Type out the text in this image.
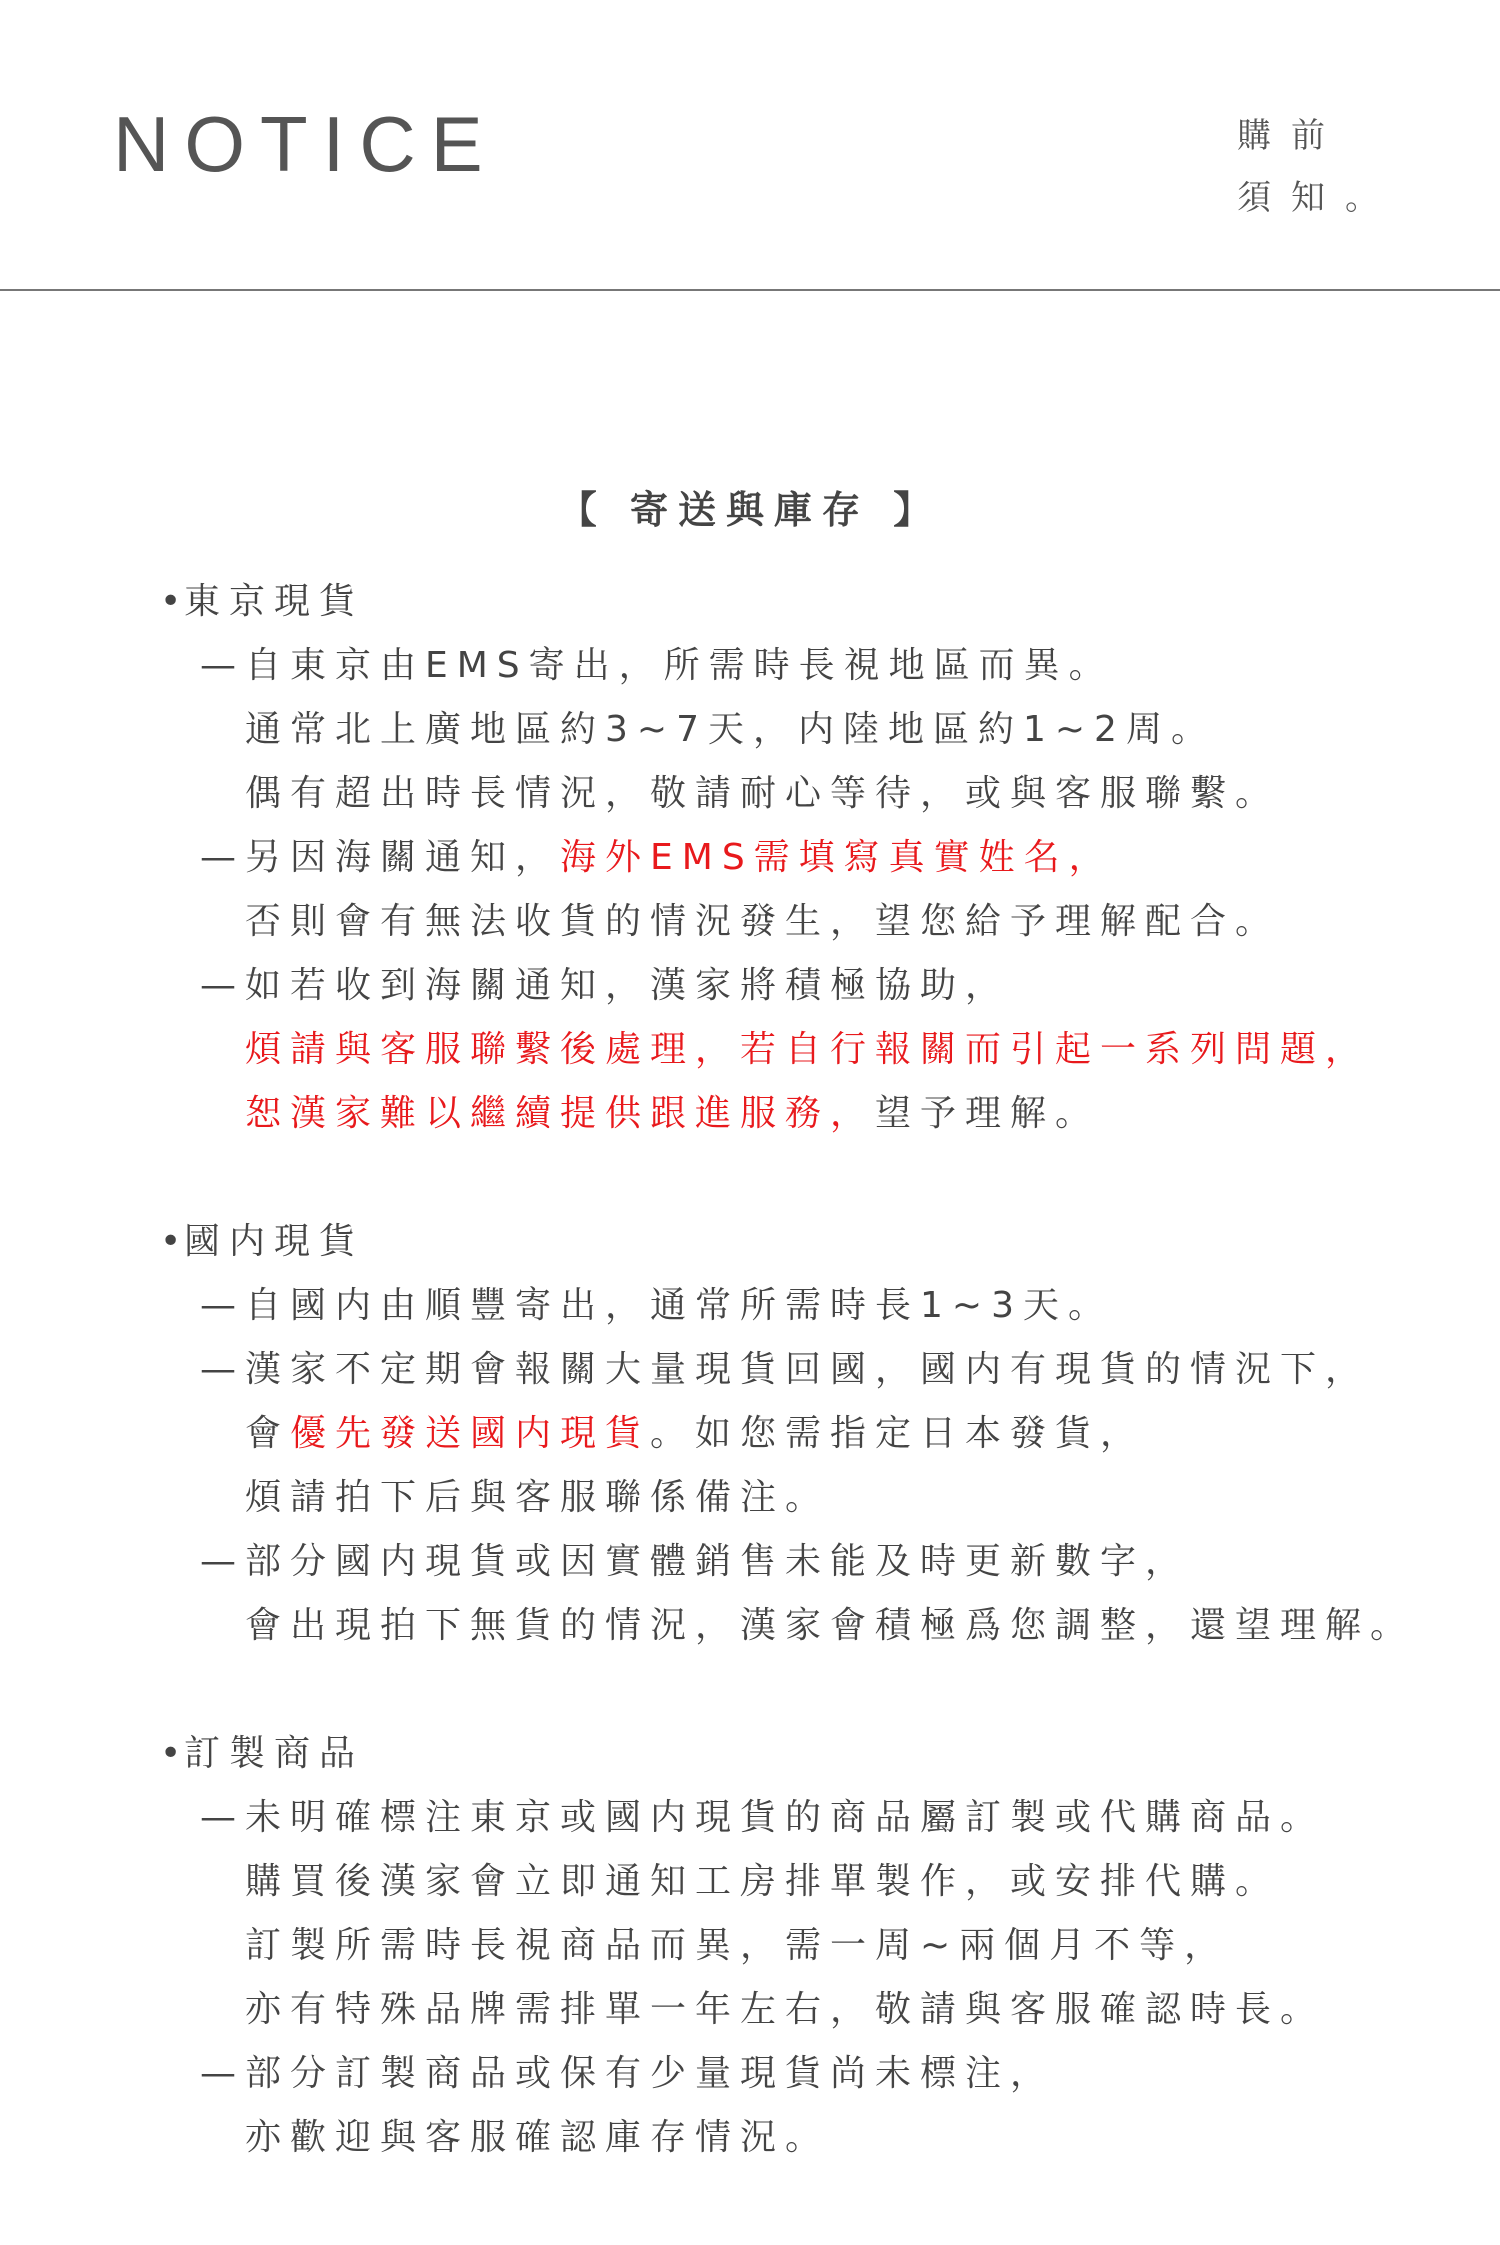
NOTICE	購前
須知。
【 寄送與庫存 】
•東京現貨
— 自東京由EMS寄出，所需時長視地區而異。
通常北上廣地區約3~7天，内陸地區約1~2周。
偶有超出時長情況，敬請耐心等待，或與客服聯繫。
— 另因海關通知，海外EMS需填寫真實姓名，
否則會有無法收貨的情況發生，望您給予理解配合。
— 如若收到海關通知，漢家將積極協助，
煩請與客服聯繫後處理，若自行報關而引起一系列問題，
恕漢家難以繼續提供跟進服務，望予理解。
•國内現貨
— 自國内由順豐寄出，通常所需時長1~3天。
— 漢家不定期會報關大量現貨回國，國内有現貨的情況下，
會優先發送國内現貨。如您需指定日本發貨，
煩請拍下后與客服聯係備注。
— 部分國内現貨或因實體銷售未能及時更新數字，
會出現拍下無貨的情況，漢家會積極爲您調整，還望理解。
•訂製商品
— 未明確標注東京或國内現貨的商品屬訂製或代購商品。
購買後漢家會立即通知工房排單製作，或安排代購。
訂製所需時長視商品而異，需一周~兩個月不等，
亦有特殊品牌需排單一年左右，敬請與客服確認時長。
— 部分訂製商品或保有少量現貨尚未標注，
亦歡迎與客服確認庫存情況。
